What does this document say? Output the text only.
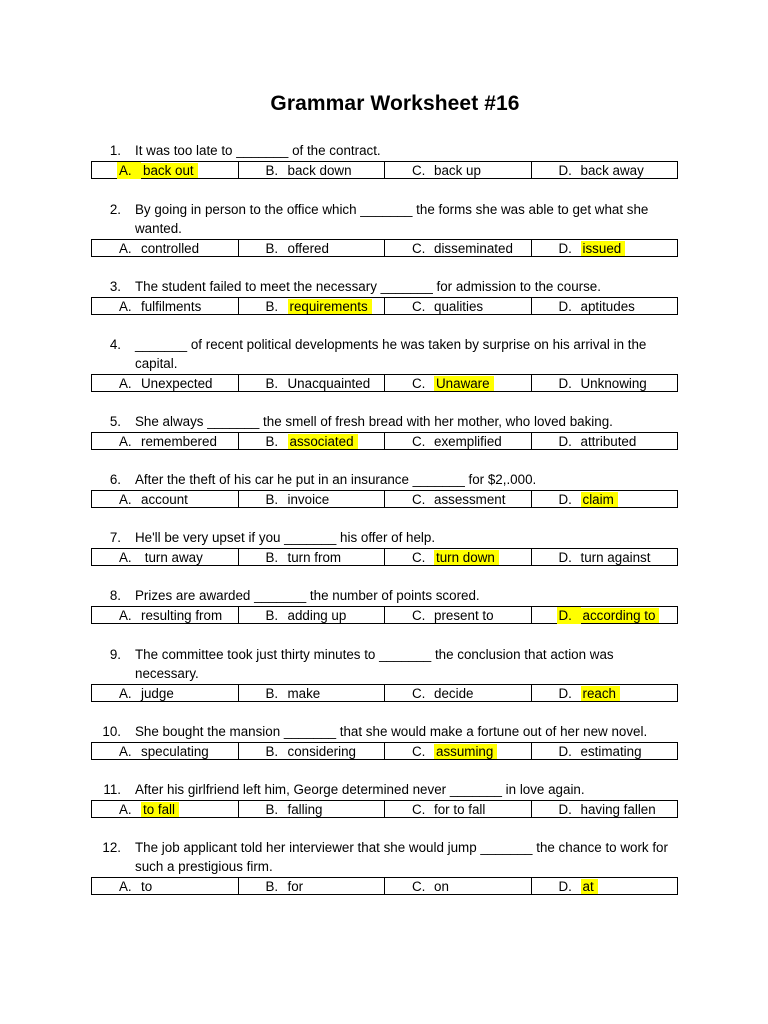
Grammar Worksheet #16
1.	It was too late to _______ of the contract.
A. back out	B. back down	C. back up	D. back away
2.	By going in person to the office which _______ the forms she was able to get what she wanted.
A. controlled	B. offered	C. disseminated	D. issued
3.	The student failed to meet the necessary _______ for admission to the course.
A. fulfilments	B. requirements	C. qualities	D. aptitudes
4.	_______ of recent political developments he was taken by surprise on his arrival in the capital.
A. Unexpected	B. Unacquainted	C. Unaware	D. Unknowing
5.	She always _______ the smell of fresh bread with her mother, who loved baking.
A. remembered	B. associated	C. exemplified	D. attributed
6.	After the theft of his car he put in an insurance _______ for $2,.000.
A. account	B. invoice	C. assessment	D. claim
7.	He'll be very upset if you _______ his offer of help.
A. turn away	B. turn from	C. turn down	D. turn against
8.	Prizes are awarded _______ the number of points scored.
A. resulting from	B. adding up	C. present to	D. according to
9.	The committee took just thirty minutes to _______ the conclusion that action was necessary.
A. judge	B. make	C. decide	D. reach
10.	She bought the mansion _______ that she would make a fortune out of her new novel.
A. speculating	B. considering	C. assuming	D. estimating
11.	After his girlfriend left him, George determined never _______ in love again.
A. to fall	B. falling	C. for to fall	D. having fallen
12.	The job applicant told her interviewer that she would jump _______ the chance to work for such a prestigious firm.
A. to	B. for	C. on	D. at
